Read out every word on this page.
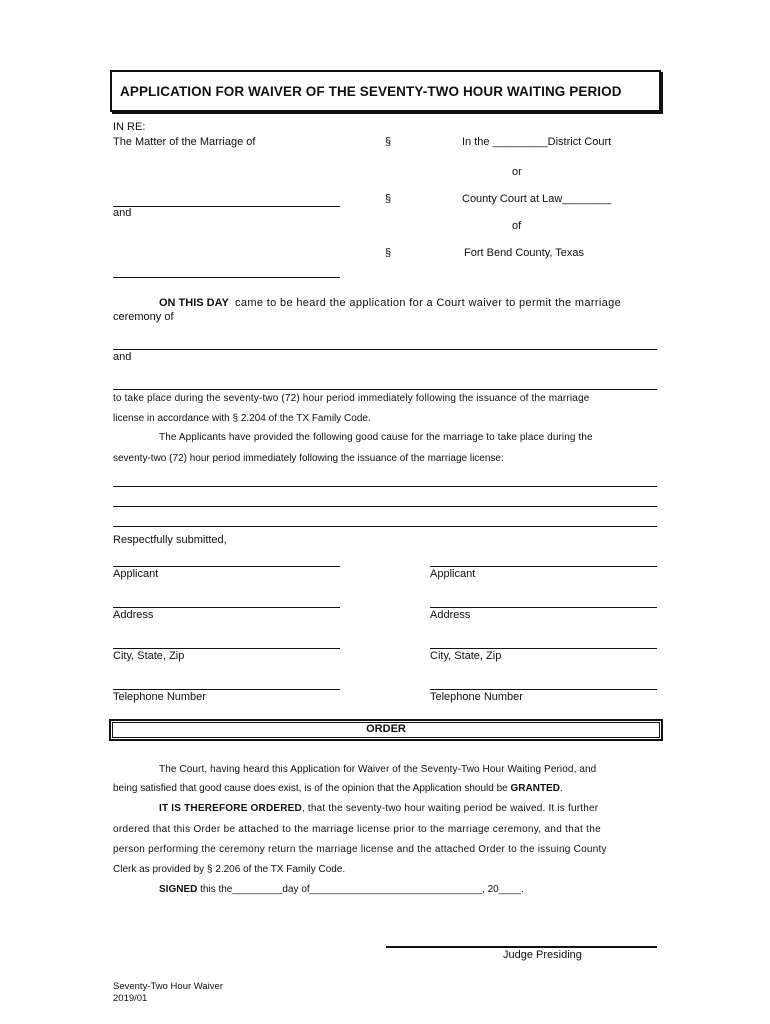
APPLICATION FOR WAIVER OF THE SEVENTY-TWO HOUR WAITING PERIOD
IN RE:
The Matter of the Marriage of	§	In the _________District Court
or
§	County Court at Law________
and
of
§	Fort Bend County, Texas
ON THIS DAY came to be heard the application for a Court waiver to permit the marriage
ceremony of
and
to take place during the seventy-two (72) hour period immediately following the issuance of the marriage
license in accordance with § 2.204 of the TX Family Code.
The Applicants have provided the following good cause for the marriage to take place during the
seventy-two (72) hour period immediately following the issuance of the marriage license:
Respectfully submitted,
Applicant	Applicant
Address	Address
City, State, Zip	City, State, Zip
Telephone Number	Telephone Number
ORDER
The Court, having heard this Application for Waiver of the Seventy-Two Hour Waiting Period, and
being satisfied that good cause does exist, is of the opinion that the Application should be GRANTED.
IT IS THEREFORE ORDERED, that the seventy-two hour waiting period be waived. It is further
ordered that this Order be attached to the marriage license prior to the marriage ceremony, and that the
person performing the ceremony return the marriage license and the attached Order to the issuing County
Clerk as provided by § 2.206 of the TX Family Code.
SIGNED this the_________day of_______________________________, 20____.
Judge Presiding
Seventy-Two Hour Waiver
2019/01
